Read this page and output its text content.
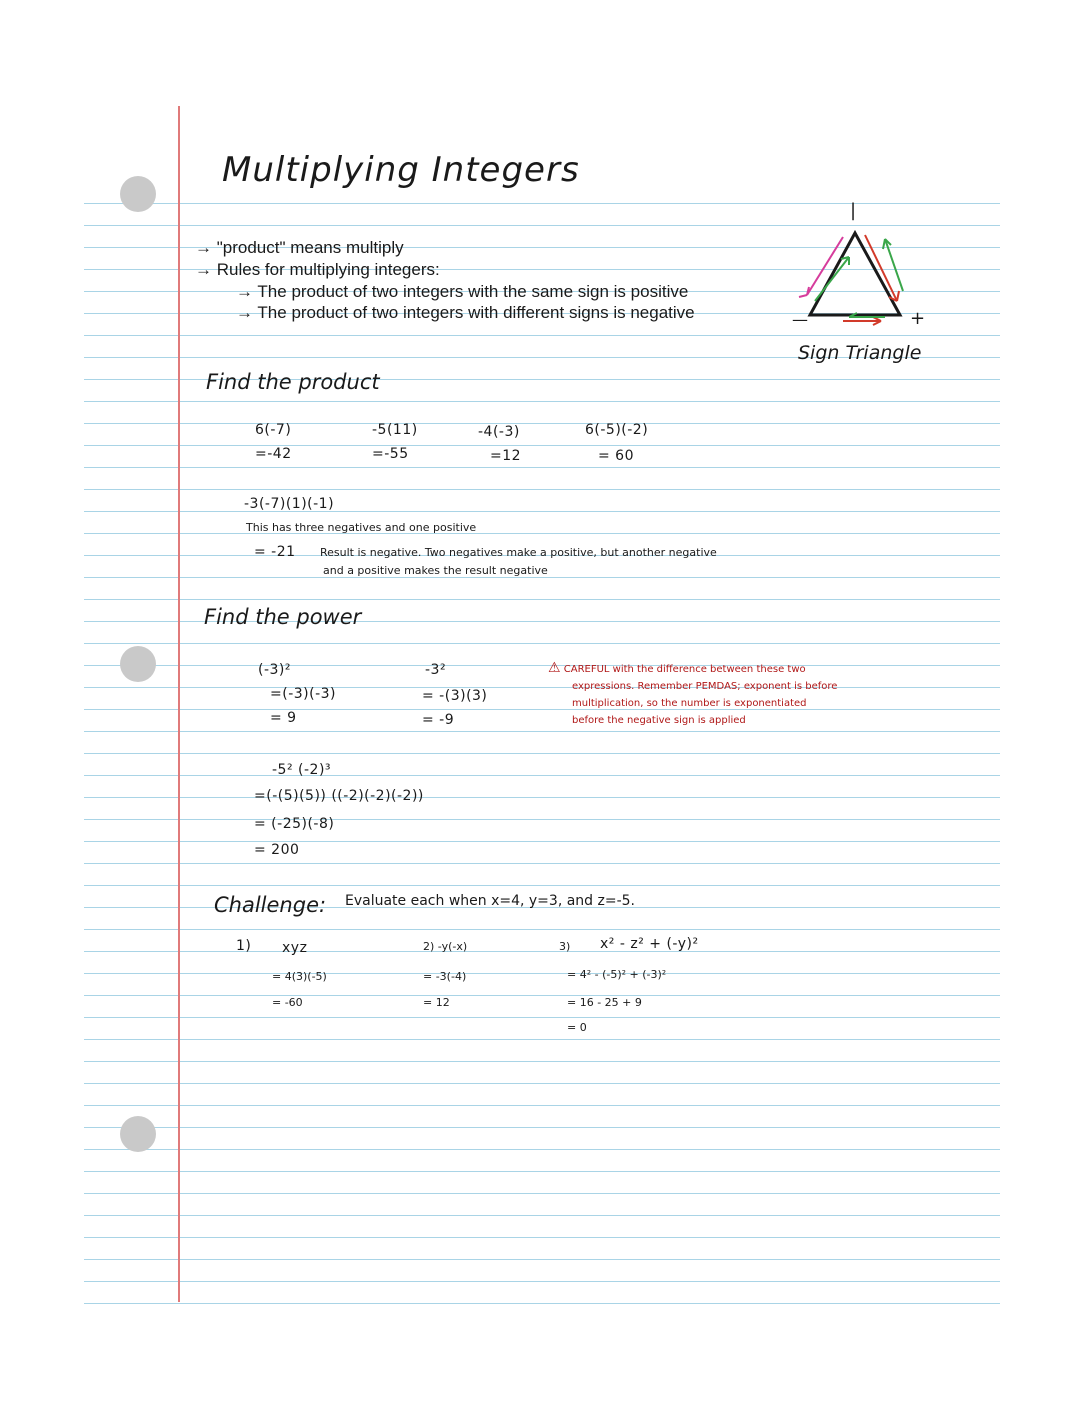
Multiplying Integers
→ "product" means multiply
→ Rules for multiplying integers:
→ The product of two integers with the same sign is positive
→ The product of two integers with different signs is negative
|
—	+
Sign Triangle
Find the product
6(-7)
=-42
-5(11)
=-55
-4(-3)
=12
6(-5)(-2)
= 60
-3(-7)(1)(-1)
This has three negatives and one positive
= -21 Result is negative. Two negatives make a positive, but another negative
and a positive makes the result negative
Find the power
(-3)²
=(-3)(-3)
= 9
-3²
= -(3)(3)
= -9
⚠ CAREFUL with the difference between these two
expressions. Remember PEMDAS; exponent is before
multiplication, so the number is exponentiated
before the negative sign is applied
-5² (-2)³
=(-(5)(5)) ((-2)(-2)(-2))
= (-25)(-8)
= 200
Challenge: Evaluate each when x=4, y=3, and z=-5.
1) xyz
= 4(3)(-5)
= -60
2) -y(-x)
= -3(-4)
= 12
3) x² - z² + (-y)²
= 4² - (-5)² + (-3)²
= 16 - 25 + 9
= 0
